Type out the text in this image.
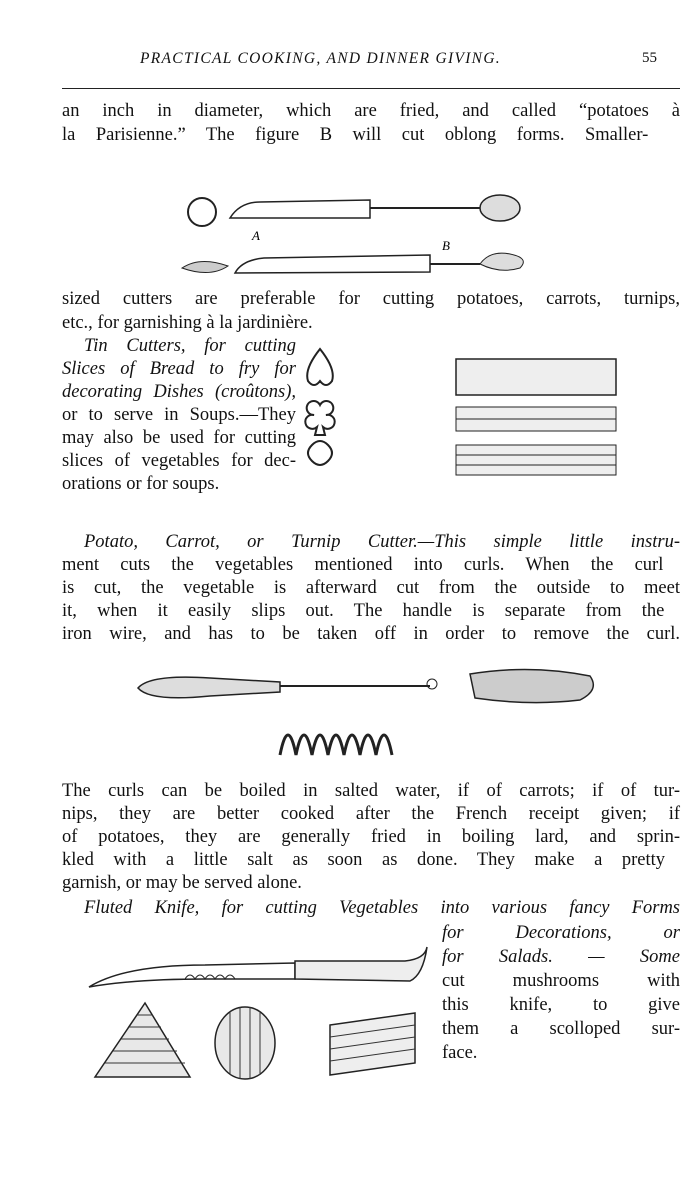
PRACTICAL COOKING, AND DINNER GIVING.	55
an inch in diameter, which are fried, and called “potatoes à
la Parisienne.” The figure B will cut oblong forms. Smaller-
A
B
sized cutters are preferable for cutting potatoes, carrots, turnips,
etc., for garnishing à la jardinière.
Tin Cutters, for cutting
Slices of Bread to fry for
decorating Dishes (croûtons),
or to serve in Soups.—They
may also be used for cutting
slices of vegetables for dec-
orations or for soups.
Potato, Carrot, or Turnip Cutter.—This simple little instru-
ment cuts the vegetables mentioned into curls. When the curl
is cut, the vegetable is afterward cut from the outside to meet
it, when it easily slips out. The handle is separate from the
iron wire, and has to be taken off in order to remove the curl.
The curls can be boiled in salted water, if of carrots; if of tur-
nips, they are better cooked after the French receipt given; if
of potatoes, they are generally fried in boiling lard, and sprin-
kled with a little salt as soon as done. They make a pretty
garnish, or may be served alone.
Fluted Knife, for cutting Vegetables into various fancy Forms
for Decorations, or
for Salads. — Some
cut mushrooms with
this knife, to give
them a scolloped sur-
face.
